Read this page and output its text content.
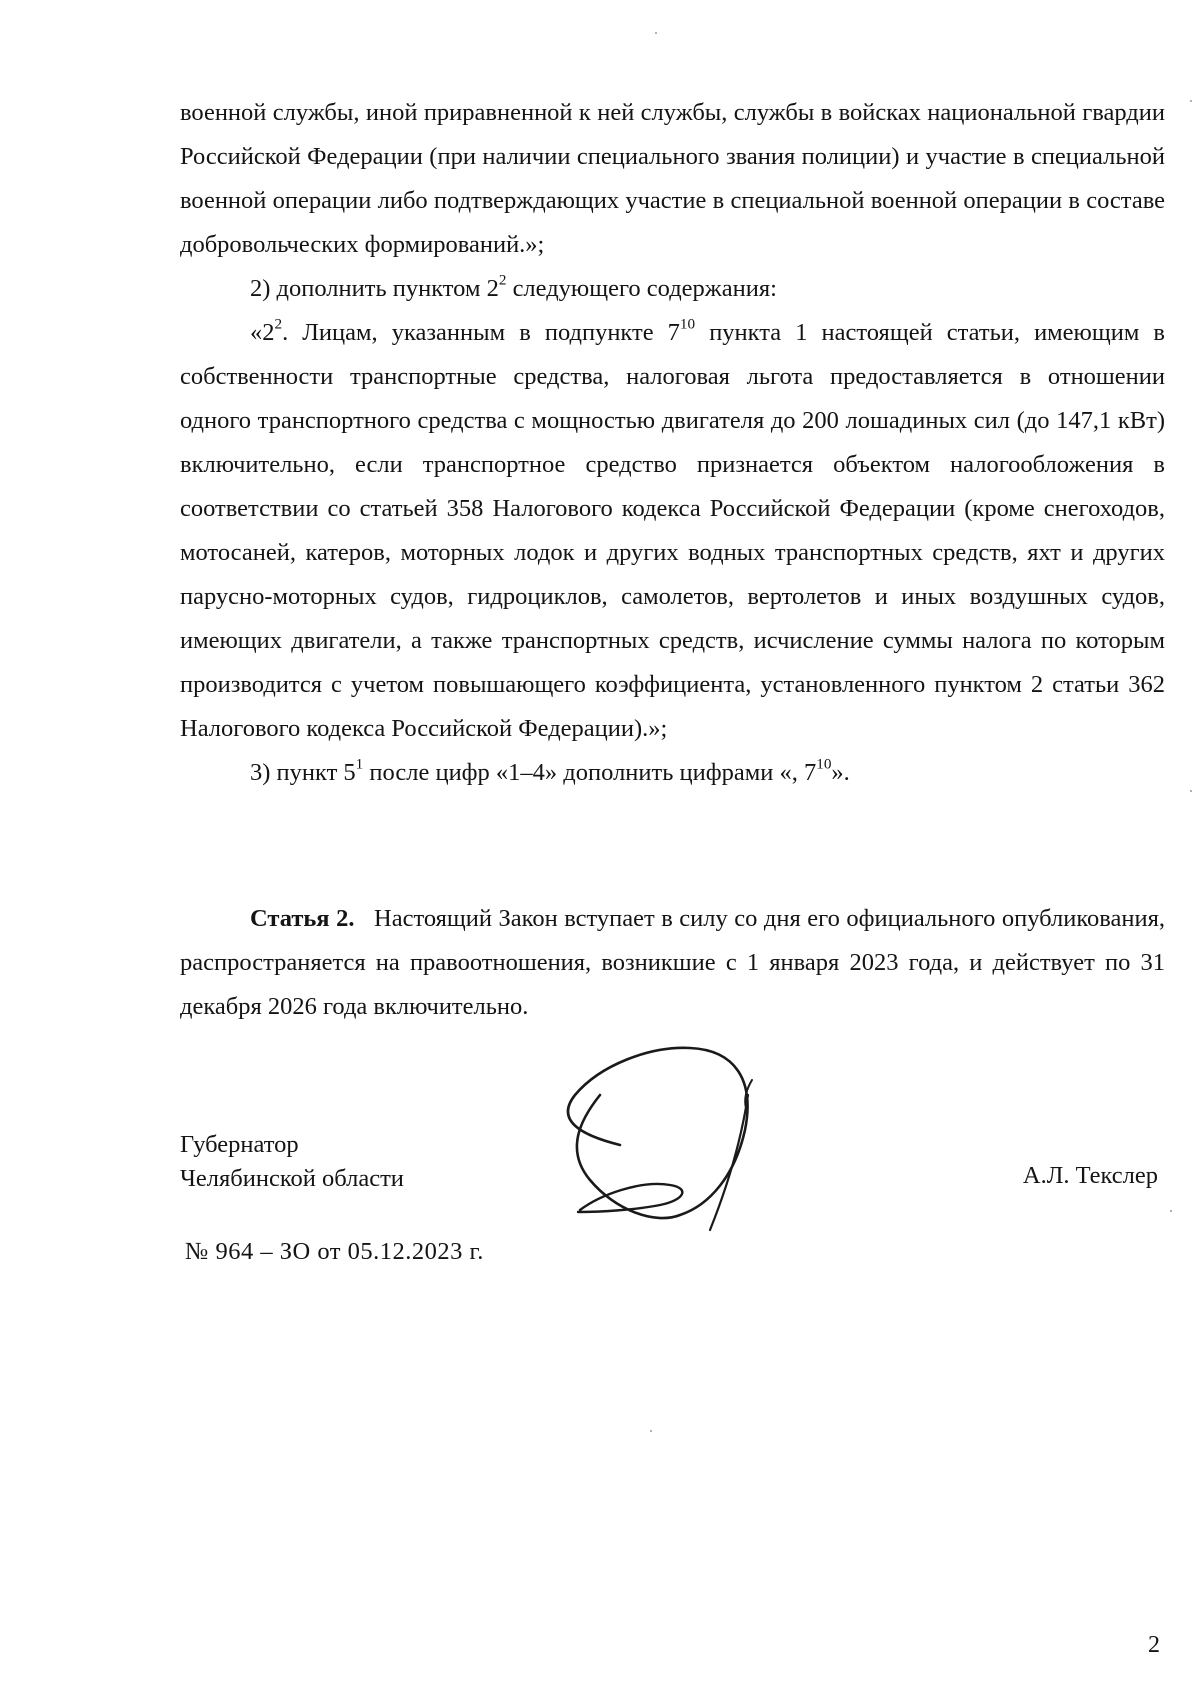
военной службы, иной приравненной к ней службы, службы в войсках национальной гвардии Российской Федерации (при наличии специального звания полиции) и участие в специальной военной операции либо подтверждающих участие в специальной военной операции в составе добровольческих формирований.»;

2) дополнить пунктом $2^2$ следующего содержания:

«$2^2$. Лицам, указанным в подпункте $7^{10}$ пункта 1 настоящей статьи, имеющим в собственности транспортные средства, налоговая льгота предоставляется в отношении одного транспортного средства с мощностью двигателя до 200 лошадиных сил (до 147,1 кВт) включительно, если транспортное средство признается объектом налогообложения в соответствии со статьей 358 Налогового кодекса Российской Федерации (кроме снегоходов, мотосаней, катеров, моторных лодок и других водных транспортных средств, яхт и других парусно-моторных судов, гидроциклов, самолетов, вертолетов и иных воздушных судов, имеющих двигатели, а также транспортных средств, исчисление суммы налога по которым производится с учетом повышающего коэффициента, установленного пунктом 2 статьи 362 Налогового кодекса Российской Федерации).»;

3) пункт $5^1$ после цифр «1–4» дополнить цифрами «, $7^{10}$».

Статья 2. Настоящий Закон вступает в силу со дня его официального опубликования, распространяется на правоотношения, возникшие с 1 января 2023 года, и действует по 31 декабря 2026 года включительно.

Губернатор
Челябинской области	А.Л. Текслер
№ 964 – ЗО от 05.12.2023 г.
2
